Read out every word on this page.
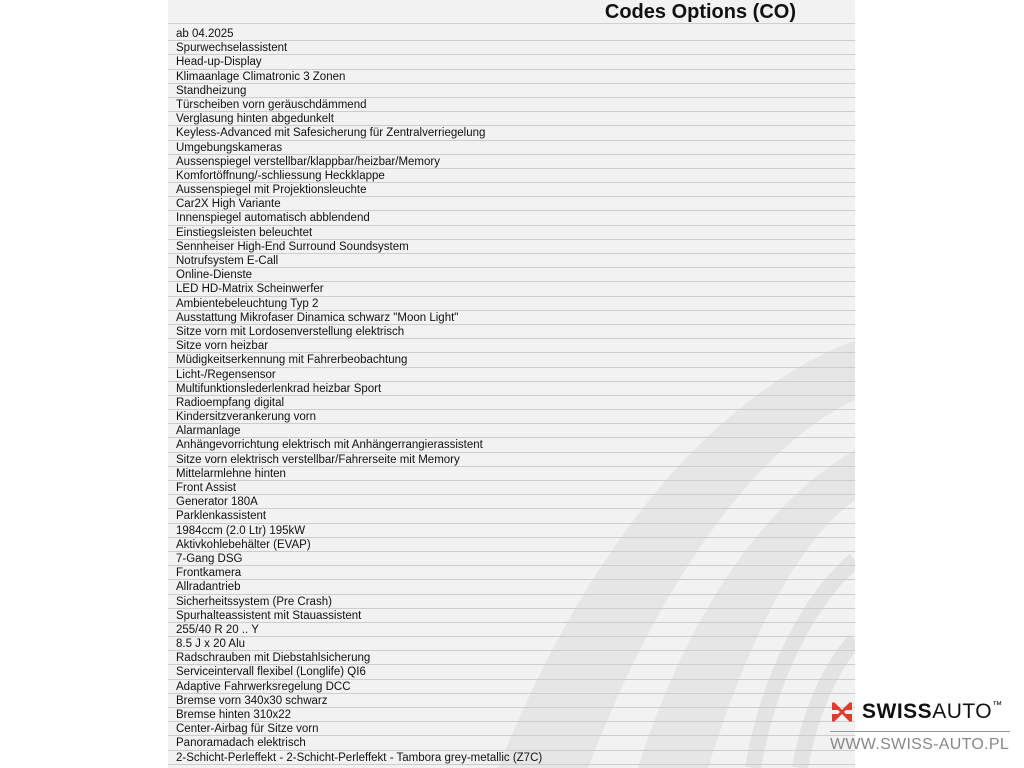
Codes Options (CO)
ab 04.2025
Spurwechselassistent
Head-up-Display
Klimaanlage Climatronic 3 Zonen
Standheizung
Türscheiben vorn geräuschdämmend
Verglasung hinten abgedunkelt
Keyless-Advanced mit Safesicherung für Zentralverriegelung
Umgebungskameras
Aussenspiegel verstellbar/klappbar/heizbar/Memory
Komfortöffnung/-schliessung Heckklappe
Aussenspiegel mit Projektionsleuchte
Car2X High Variante
Innenspiegel automatisch abblendend
Einstiegsleisten beleuchtet
Sennheiser High-End Surround Soundsystem
Notrufsystem E-Call
Online-Dienste
LED HD-Matrix Scheinwerfer
Ambientebeleuchtung Typ 2
Ausstattung Mikrofaser Dinamica schwarz "Moon Light"
Sitze vorn mit Lordosenverstellung elektrisch
Sitze vorn heizbar
Müdigkeitserkennung mit Fahrerbeobachtung
Licht-/Regensensor
Multifunktionslederlenkrad heizbar Sport
Radioempfang digital
Kindersitzverankerung vorn
Alarmanlage
Anhängevorrichtung elektrisch mit Anhängerrangierassistent
Sitze vorn elektrisch verstellbar/Fahrerseite mit Memory
Mittelarmlehne hinten
Front Assist
Generator 180A
Parklenkassistent
1984ccm (2.0 Ltr) 195kW
Aktivkohlebehälter (EVAP)
7-Gang DSG
Frontkamera
Allradantrieb
Sicherheitssystem (Pre Crash)
Spurhalteassistent mit Stauassistent
255/40 R 20 .. Y
8.5 J x 20 Alu
Radschrauben mit Diebstahlsicherung
Serviceintervall flexibel (Longlife) QI6
Adaptive Fahrwerksregelung DCC
Bremse vorn 340x30 schwarz
Bremse hinten 310x22
Center-Airbag für Sitze vorn
Panoramadach elektrisch
2-Schicht-Perleffekt - 2-Schicht-Perleffekt - Tambora grey-metallic (Z7C)
SWISS AUTO ™
WWW.SWISS-AUTO.PL
